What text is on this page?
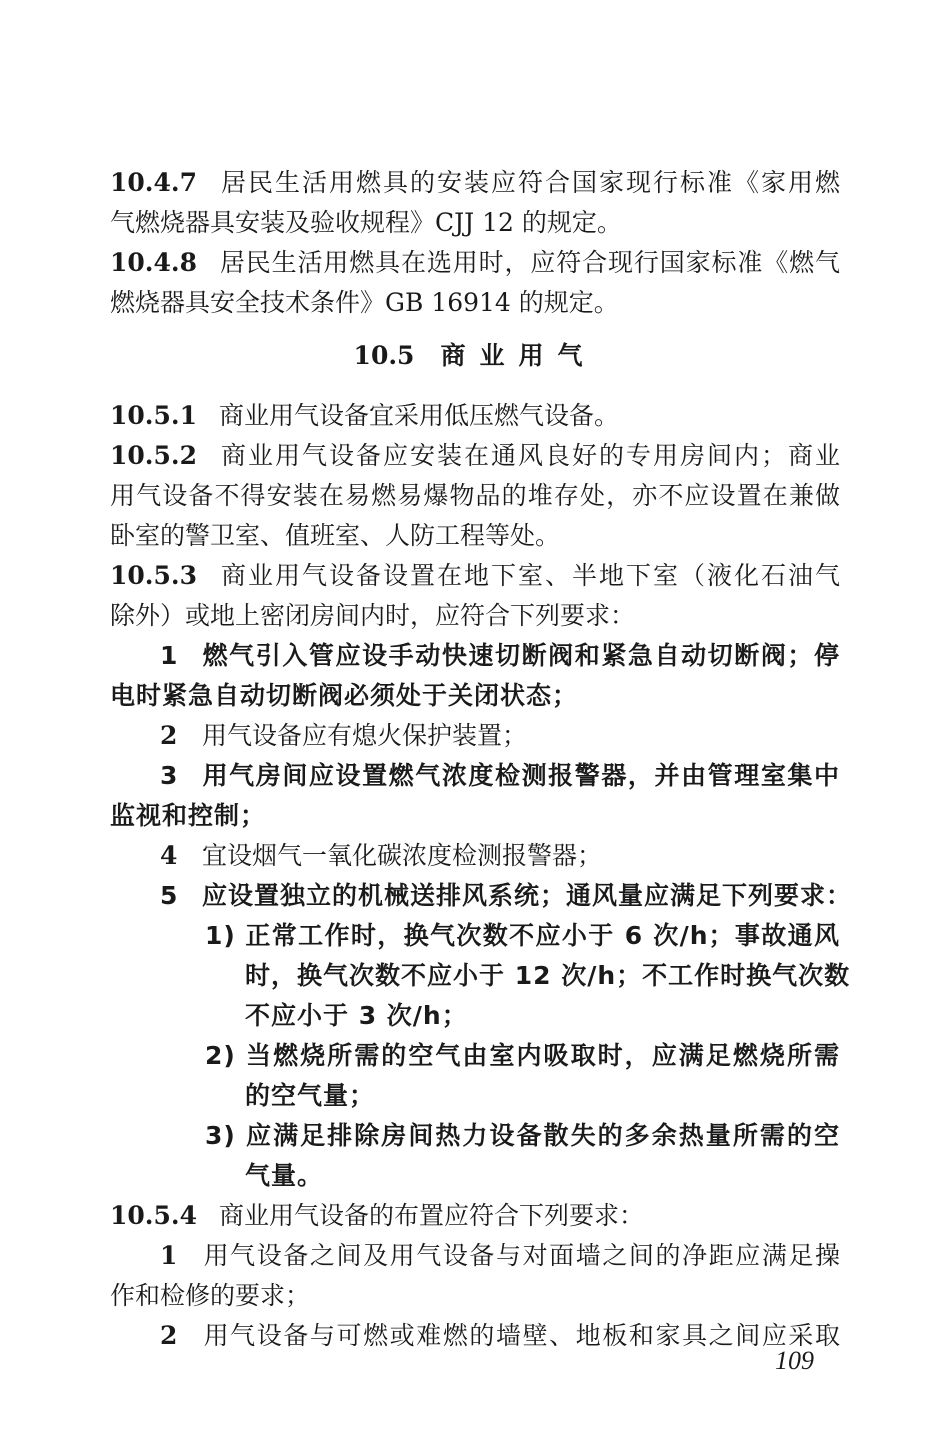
10.4.7 居民生活用燃具的安装应符合国家现行标准《家用燃
气燃烧器具安装及验收规程》CJJ 12 的规定。
10.4.8 居民生活用燃具在选用时，应符合现行国家标准《燃气
燃烧器具安全技术条件》GB 16914 的规定。
10.5 商业用气
10.5.1 商业用气设备宜采用低压燃气设备。
10.5.2 商业用气设备应安装在通风良好的专用房间内；商业
用气设备不得安装在易燃易爆物品的堆存处，亦不应设置在兼做
卧室的警卫室、值班室、人防工程等处。
10.5.3 商业用气设备设置在地下室、半地下室（液化石油气
除外）或地上密闭房间内时，应符合下列要求：
1 燃气引入管应设手动快速切断阀和紧急自动切断阀；停
电时紧急自动切断阀必须处于关闭状态；
2 用气设备应有熄火保护装置；
3 用气房间应设置燃气浓度检测报警器，并由管理室集中
监视和控制；
4 宜设烟气一氧化碳浓度检测报警器；
5 应设置独立的机械送排风系统；通风量应满足下列要求：
1) 正常工作时，换气次数不应小于 6 次/h；事故通风
时，换气次数不应小于 12 次/h；不工作时换气次数
不应小于 3 次/h；
2) 当燃烧所需的空气由室内吸取时，应满足燃烧所需
的空气量；
3) 应满足排除房间热力设备散失的多余热量所需的空
气量。
10.5.4 商业用气设备的布置应符合下列要求：
1 用气设备之间及用气设备与对面墙之间的净距应满足操
作和检修的要求；
2 用气设备与可燃或难燃的墙壁、地板和家具之间应采取
109
